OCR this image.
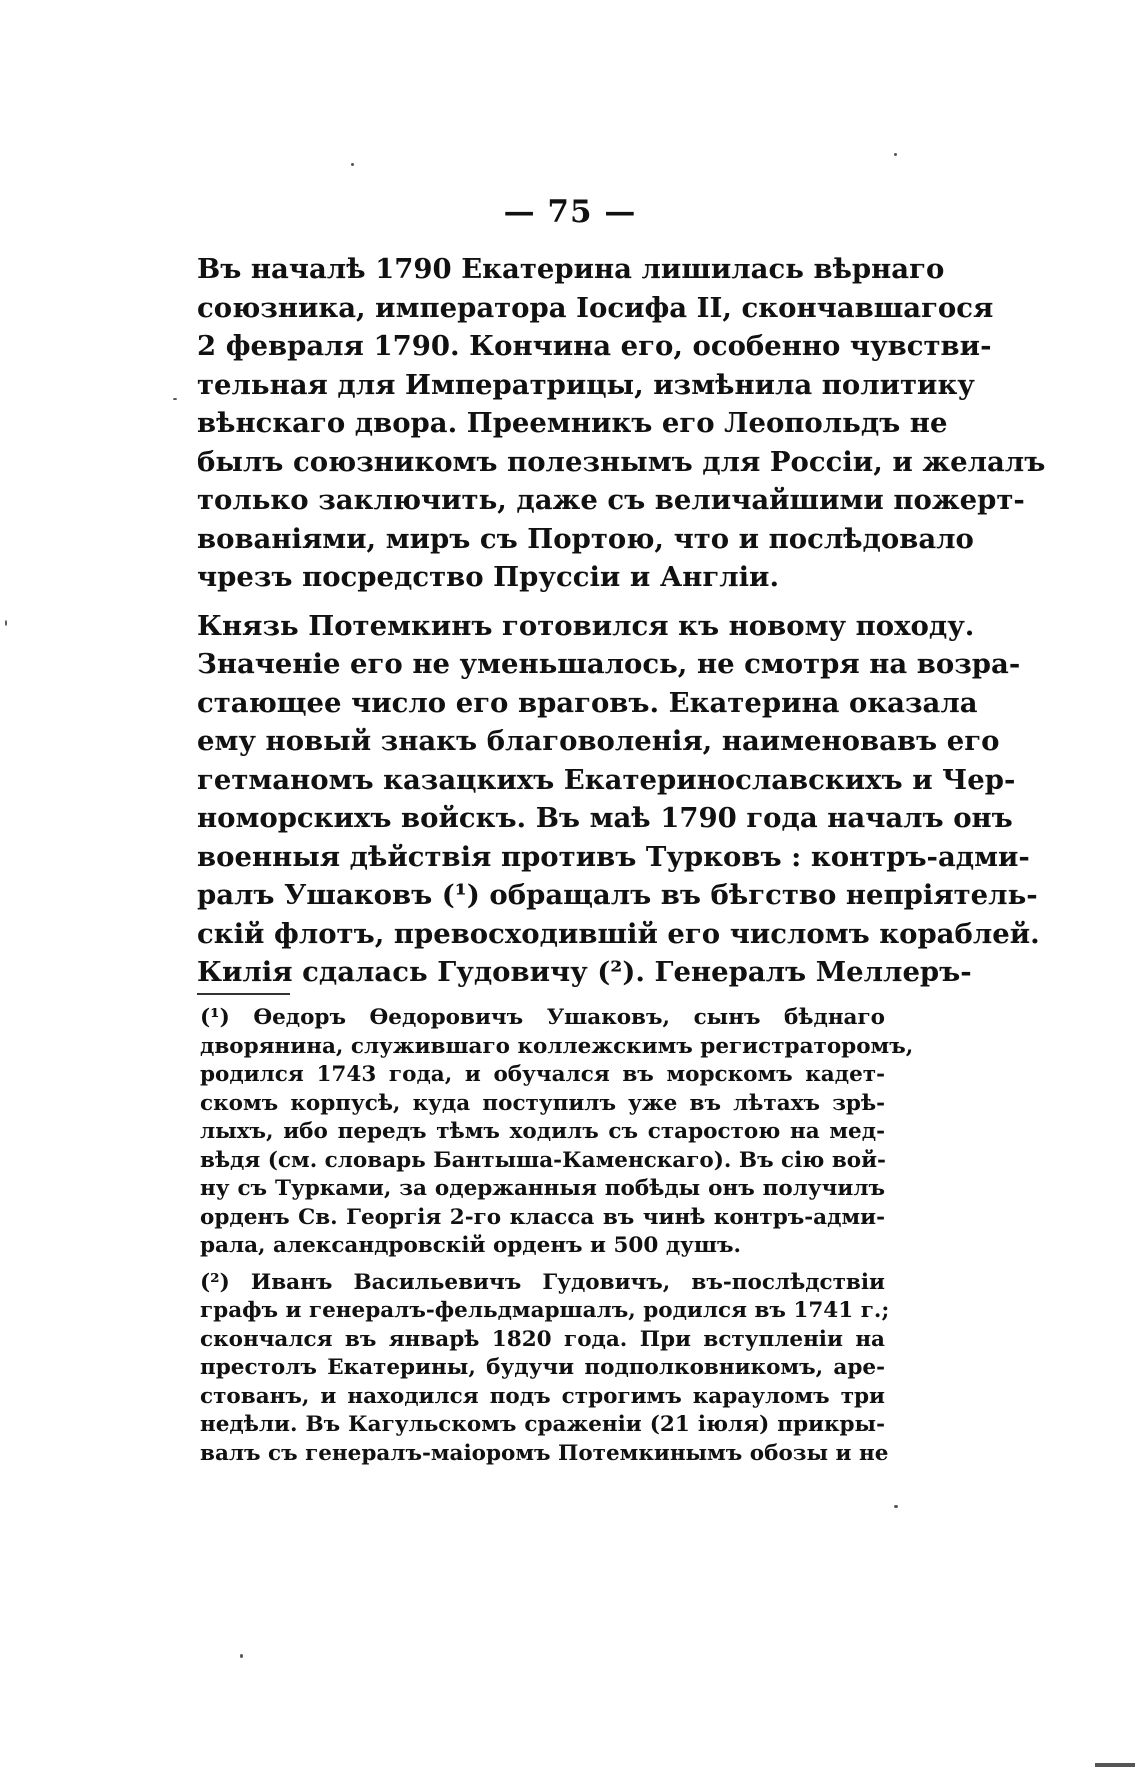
— 75 —
Въ началѣ 1790 Екатерина лишилась вѣрнаго
союзника, императора Іосифа II, скончавшагося
2 февраля 1790. Кончина его, особенно чувстви-
тельная для Императрицы, измѣнила политику
вѣнскаго двора. Преемникъ его Леопольдъ не
былъ союзникомъ полезнымъ для Россіи, и желалъ
только заключить, даже съ величайшими пожерт-
вованіями, миръ съ Портою, что и послѣдовало
чрезъ посредство Пруссіи и Англіи.
Князь Потемкинъ готовился къ новому походу.
Значеніе его не уменьшалось, не смотря на возра-
стающее число его враговъ. Екатерина оказала
ему новый знакъ благоволенія, наименовавъ его
гетманомъ казацкихъ Екатеринославскихъ и Чер-
номорскихъ войскъ. Въ маѣ 1790 года началъ онъ
военныя дѣйствія противъ Турковъ : контръ-адми-
ралъ Ушаковъ (¹) обращалъ въ бѣгство непріятель-
скій флотъ, превосходившій его числомъ кораблей.
Килія сдалась Гудовичу (²). Генералъ Меллеръ-
(¹) Ѳедоръ Ѳедоровичъ Ушаковъ, сынъ бѣднаго
дворянина, служившаго коллежскимъ регистраторомъ,
родился 1743 года, и обучался въ морскомъ кадет-
скомъ корпусѣ, куда поступилъ уже въ лѣтахъ зрѣ-
лыхъ, ибо передъ тѣмъ ходилъ съ старостою на мед-
вѣдя (см. словарь Бантыша-Каменскаго). Въ сію вой-
ну съ Турками, за одержанныя побѣды онъ получилъ
орденъ Св. Георгія 2-го класса въ чинѣ контръ-адми-
рала, александровскій орденъ и 500 душъ.
(²) Иванъ Васильевичъ Гудовичъ, въ-послѣдствіи
графъ и генералъ-фельдмаршалъ, родился въ 1741 г.;
скончался въ январѣ 1820 года. При вступленіи на
престолъ Екатерины, будучи подполковникомъ, аре-
стованъ, и находился подъ строгимъ карауломъ три
недѣли. Въ Кагульскомъ сраженіи (21 іюля) прикры-
валъ съ генералъ-маіоромъ Потемкинымъ обозы и не
